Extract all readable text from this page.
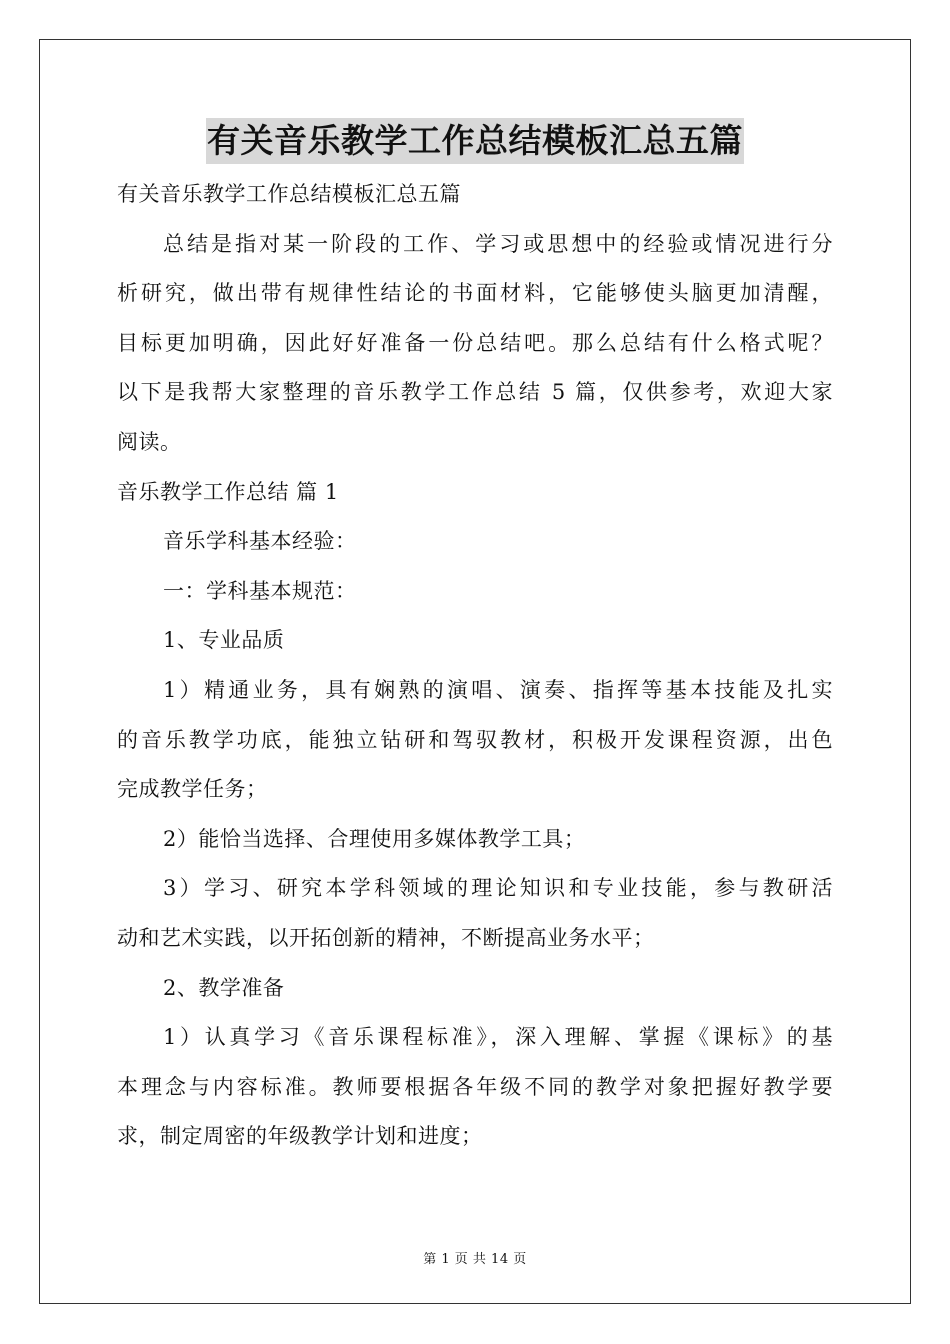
有关音乐教学工作总结模板汇总五篇
有关音乐教学工作总结模板汇总五篇
总结是指对某一阶段的工作、学习或思想中的经验或情况进行分
析研究，做出带有规律性结论的书面材料，它能够使头脑更加清醒，
目标更加明确，因此好好准备一份总结吧。那么总结有什么格式呢？
以下是我帮大家整理的音乐教学工作总结 5 篇，仅供参考，欢迎大家
阅读。
音乐教学工作总结 篇 1
音乐学科基本经验：
一：学科基本规范：
1、专业品质
1）精通业务，具有娴熟的演唱、演奏、指挥等基本技能及扎实
的音乐教学功底，能独立钻研和驾驭教材，积极开发课程资源，出色
完成教学任务；
2）能恰当选择、合理使用多媒体教学工具；
3）学习、研究本学科领域的理论知识和专业技能，参与教研活
动和艺术实践，以开拓创新的精神，不断提高业务水平；
2、教学准备
1）认真学习《音乐课程标准》，深入理解、掌握《课标》的基
本理念与内容标准。教师要根据各年级不同的教学对象把握好教学要
求，制定周密的年级教学计划和进度；
第 1 页 共 14 页
